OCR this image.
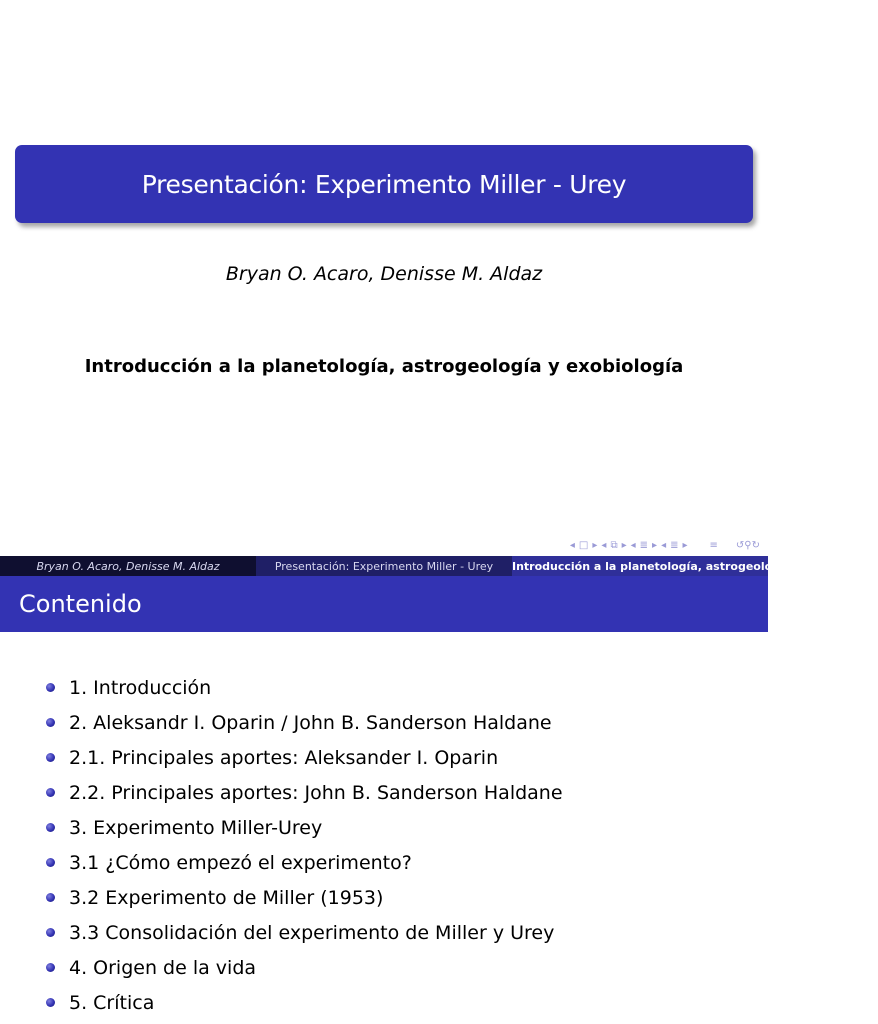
Presentación: Experimento Miller - Urey
Bryan O. Acaro, Denisse M. Aldaz
Introducción a la planetología, astrogeología y exobiología
◂ □ ▸ ◂ ⧉ ▸ ◂ ≣ ▸ ◂ ≣ ▸ ≡ ↺⚲↻
Bryan O. Acaro, Denisse M. Aldaz	Presentación: Experimento Miller - Urey	Introducción a la planetología, astrogeología y exobiología
Contenido
1. Introducción
2. Aleksandr I. Oparin / John B. Sanderson Haldane
2.1. Principales aportes: Aleksander I. Oparin
2.2. Principales aportes: John B. Sanderson Haldane
3. Experimento Miller-Urey
3.1 ¿Cómo empezó el experimento?
3.2 Experimento de Miller (1953)
3.3 Consolidación del experimento de Miller y Urey
4. Origen de la vida
5. Crítica
